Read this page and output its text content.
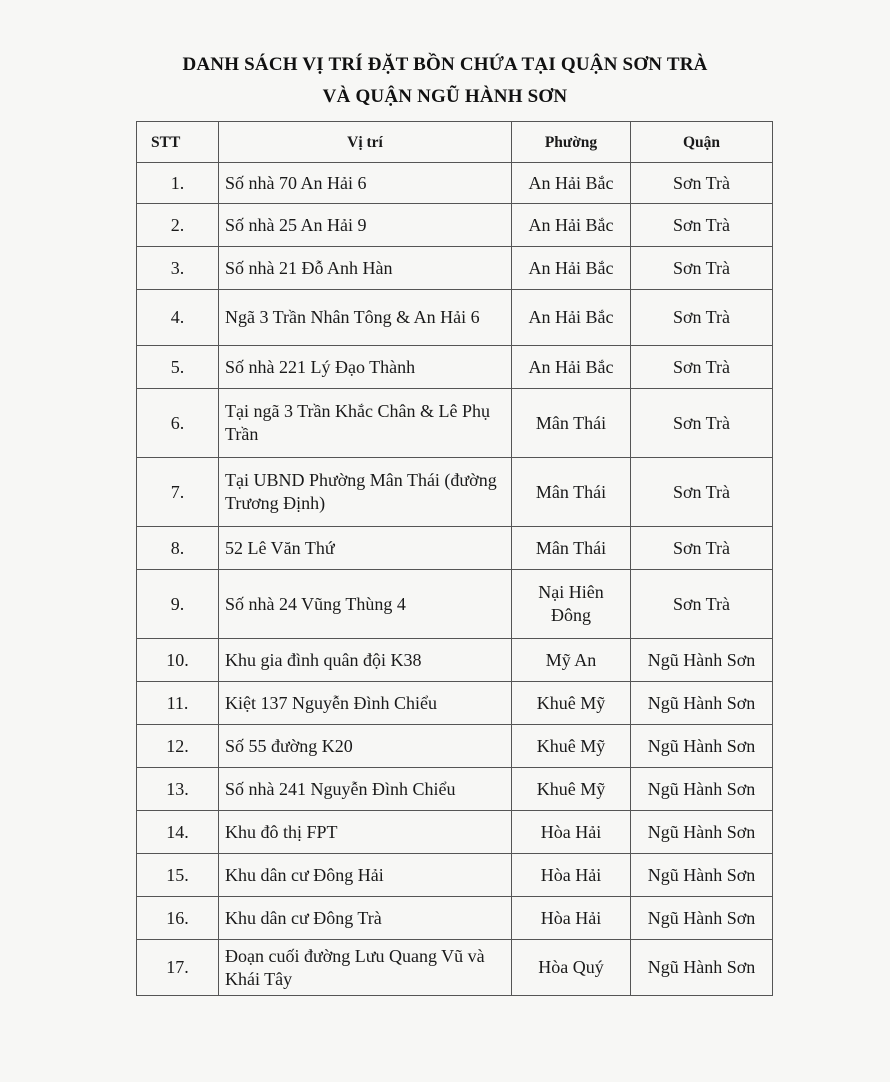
DANH SÁCH VỊ TRÍ ĐẶT BỒN CHỨA TẠI QUẬN SƠN TRÀ
VÀ QUẬN NGŨ HÀNH SƠN
STT	Vị trí	Phường	Quận
1.	Số nhà 70 An Hải 6	An Hải Bắc	Sơn Trà
2.	Số nhà 25 An Hải 9	An Hải Bắc	Sơn Trà
3.	Số nhà 21 Đỗ Anh Hàn	An Hải Bắc	Sơn Trà
4.	Ngã 3 Trần Nhân Tông & An Hải 6	An Hải Bắc	Sơn Trà
5.	Số nhà 221 Lý Đạo Thành	An Hải Bắc	Sơn Trà
6.	Tại ngã 3 Trần Khắc Chân & Lê Phụ Trần	Mân Thái	Sơn Trà
7.	Tại UBND Phường Mân Thái (đường Trương Định)	Mân Thái	Sơn Trà
8.	52 Lê Văn Thứ	Mân Thái	Sơn Trà
9.	Số nhà 24 Vũng Thùng 4	Nại Hiên Đông	Sơn Trà
10.	Khu gia đình quân đội K38	Mỹ An	Ngũ Hành Sơn
11.	Kiệt 137 Nguyễn Đình Chiểu	Khuê Mỹ	Ngũ Hành Sơn
12.	Số 55 đường K20	Khuê Mỹ	Ngũ Hành Sơn
13.	Số nhà 241 Nguyễn Đình Chiểu	Khuê Mỹ	Ngũ Hành Sơn
14.	Khu đô thị FPT	Hòa Hải	Ngũ Hành Sơn
15.	Khu dân cư Đông Hải	Hòa Hải	Ngũ Hành Sơn
16.	Khu dân cư Đông Trà	Hòa Hải	Ngũ Hành Sơn
17.	Đoạn cuối đường Lưu Quang Vũ và Khái Tây	Hòa Quý	Ngũ Hành Sơn
